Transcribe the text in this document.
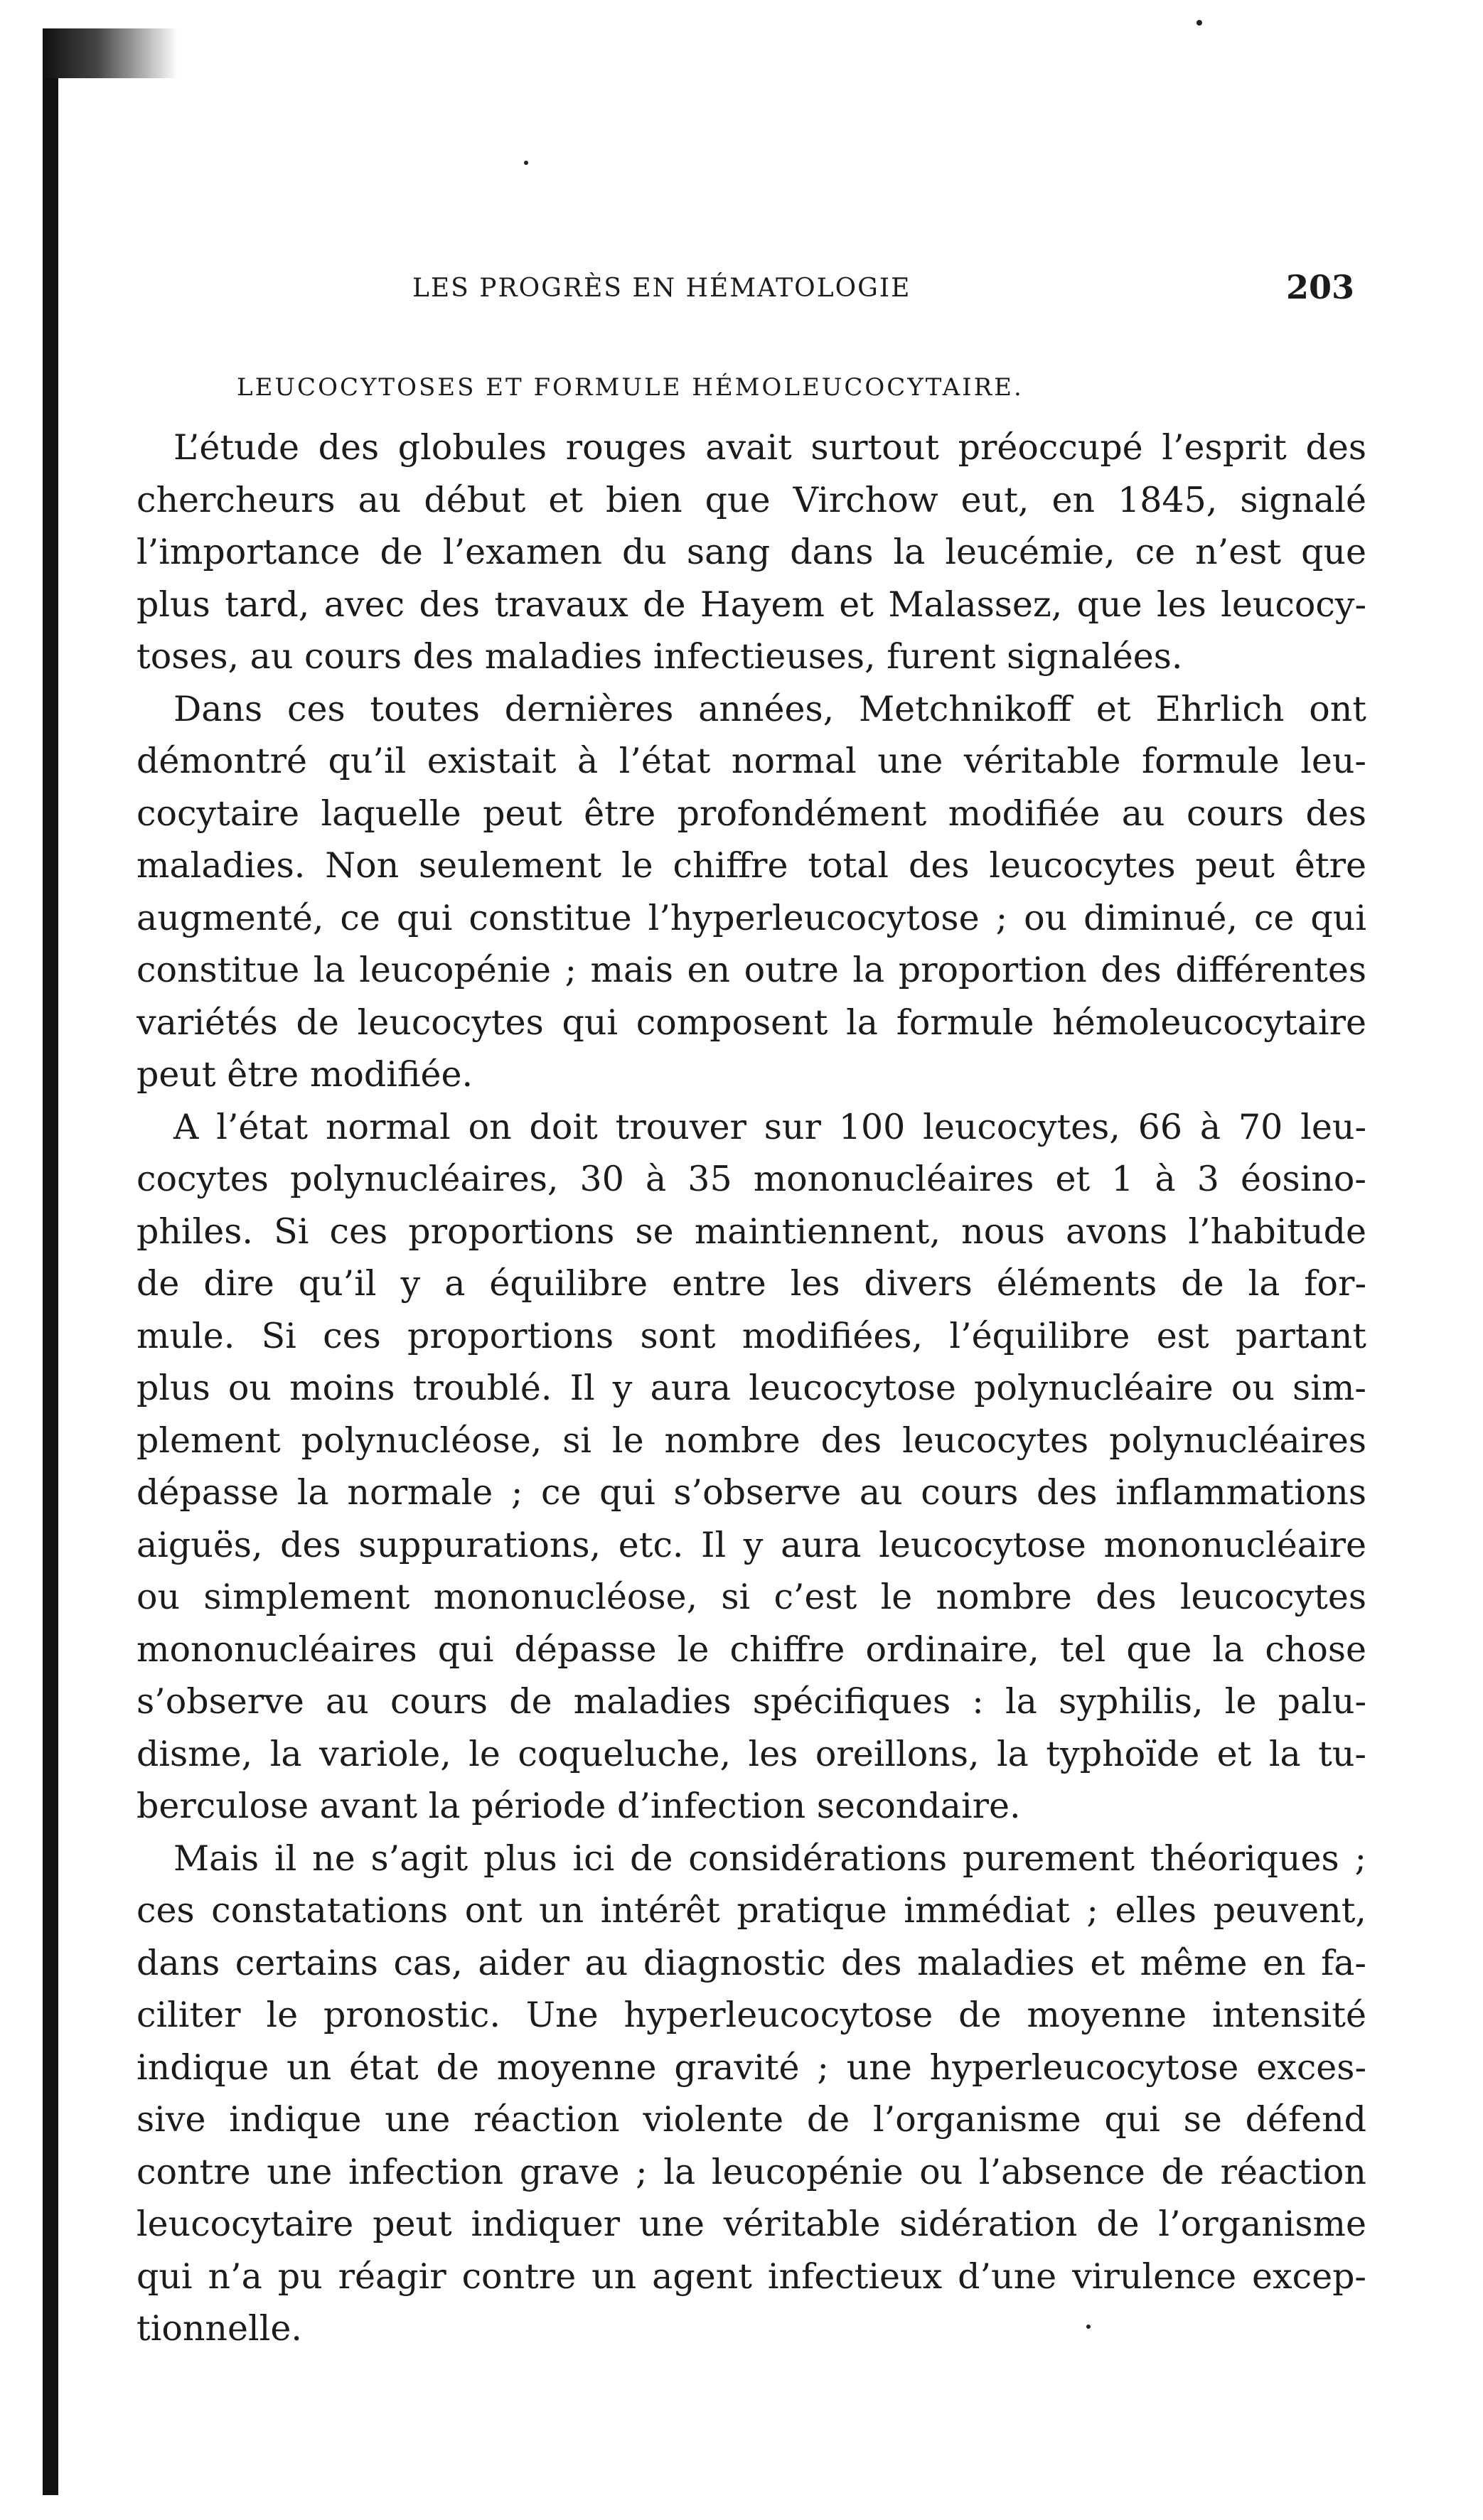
LES PROGRÈS EN HÉMATOLOGIE	203
LEUCOCYTOSES ET FORMULE HÉMOLEUCOCYTAIRE.

L’étude des globules rouges avait surtout préoccupé l’esprit des
chercheurs au début et bien que Virchow eut, en 1845, signalé
l’importance de l’examen du sang dans la leucémie, ce n’est que
plus tard, avec des travaux de Hayem et Malassez, que les leucocy-
toses, au cours des maladies infectieuses, furent signalées.

Dans ces toutes dernières années, Metchnikoff et Ehrlich ont
démontré qu’il existait à l’état normal une véritable formule leu-
cocytaire laquelle peut être profondément modifiée au cours des
maladies. Non seulement le chiffre total des leucocytes peut être
augmenté, ce qui constitue l’hyperleucocytose ; ou diminué, ce qui
constitue la leucopénie ; mais en outre la proportion des différentes
variétés de leucocytes qui composent la formule hémoleucocytaire
peut être modifiée.

A l’état normal on doit trouver sur 100 leucocytes, 66 à 70 leu-
cocytes polynucléaires, 30 à 35 mononucléaires et 1 à 3 éosino-
philes. Si ces proportions se maintiennent, nous avons l’habitude
de dire qu’il y a équilibre entre les divers éléments de la for-
mule. Si ces proportions sont modifiées, l’équilibre est partant
plus ou moins troublé. Il y aura leucocytose polynucléaire ou sim-
plement polynucléose, si le nombre des leucocytes polynucléaires
dépasse la normale ; ce qui s’observe au cours des inflammations
aiguës, des suppurations, etc. Il y aura leucocytose mononucléaire
ou simplement mononucléose, si c’est le nombre des leucocytes
mononucléaires qui dépasse le chiffre ordinaire, tel que la chose
s’observe au cours de maladies spécifiques : la syphilis, le palu-
disme, la variole, le coqueluche, les oreillons, la typhoïde et la tu-
berculose avant la période d’infection secondaire.

Mais il ne s’agit plus ici de considérations purement théoriques ;
ces constatations ont un intérêt pratique immédiat ; elles peuvent,
dans certains cas, aider au diagnostic des maladies et même en fa-
ciliter le pronostic. Une hyperleucocytose de moyenne intensité
indique un état de moyenne gravité ; une hyperleucocytose exces-
sive indique une réaction violente de l’organisme qui se défend
contre une infection grave ; la leucopénie ou l’absence de réaction
leucocytaire peut indiquer une véritable sidération de l’organisme
qui n’a pu réagir contre un agent infectieux d’une virulence excep-
tionnelle.
